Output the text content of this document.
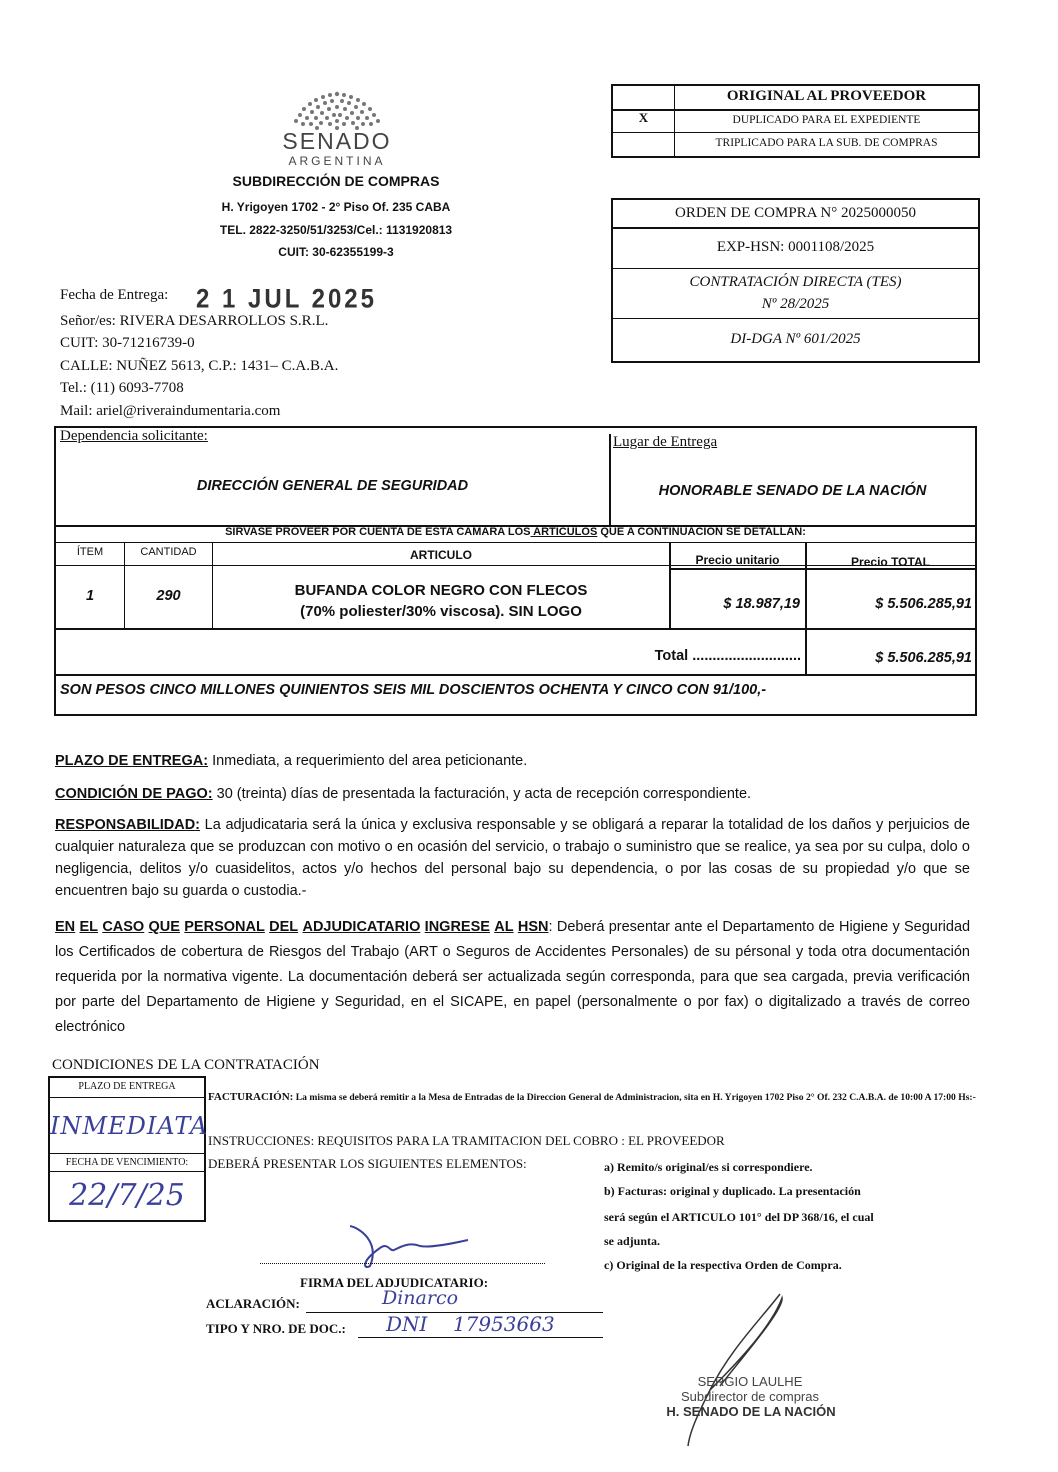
SENADO
ARGENTINA
SUBDIRECCIÓN DE COMPRAS
H. Yrigoyen 1702 - 2° Piso Of. 235 CABA
TEL. 2822-3250/51/3253/Cel.: 1131920813
CUIT: 30-62355199-3
ORIGINAL AL PROVEEDOR
X	DUPLICADO PARA EL EXPEDIENTE
TRIPLICADO PARA LA SUB. DE COMPRAS
ORDEN DE COMPRA N° 2025000050
EXP-HSN: 0001108/2025
CONTRATACIÓN DIRECTA (TES)
Nº 28/2025
DI-DGA Nº 601/2025
Fecha de Entrega: 2 1 JUL 2025
Señor/es: RIVERA DESARROLLOS S.R.L.
CUIT: 30-71216739-0
CALLE: NUÑEZ 5613, C.P.: 1431– C.A.B.A.
Tel.: (11) 6093-7708
Mail: ariel@riveraindumentaria.com
Dependencia solicitante:
DIRECCIÓN GENERAL DE SEGURIDAD
Lugar de Entrega
HONORABLE SENADO DE LA NACIÓN
SIRVASE PROVEER POR CUENTA DE ESTA CAMARA LOS ARTICULOS QUE A CONTINUACION SE DETALLAN:
ÍTEM	CANTIDAD	ARTICULO	Precio unitario	Precio TOTAL
1	290	BUFANDA COLOR NEGRO CON FLECOS
(70% poliester/30% viscosa). SIN LOGO	$ 18.987,19	$ 5.506.285,91
Total ...........................	$ 5.506.285,91
SON PESOS CINCO MILLONES QUINIENTOS SEIS MIL DOSCIENTOS OCHENTA Y CINCO CON 91/100,-
PLAZO DE ENTREGA: Inmediata, a requerimiento del area peticionante.
CONDICIÓN DE PAGO: 30 (treinta) días de presentada la facturación, y acta de recepción correspondiente.
RESPONSABILIDAD: La adjudicataria será la única y exclusiva responsable y se obligará a reparar la totalidad de los daños y perjuicios de cualquier naturaleza que se produzcan con motivo o en ocasión del servicio, o trabajo o suministro que se realice, ya sea por su culpa, dolo o negligencia, delitos y/o cuasidelitos, actos y/o hechos del personal bajo su dependencia, o por las cosas de su propiedad y/o que se encuentren bajo su guarda o custodia.-
EN EL CASO QUE PERSONAL DEL ADJUDICATARIO INGRESE AL HSN: Deberá presentar ante el Departamento de Higiene y Seguridad los Certificados de cobertura de Riesgos del Trabajo (ART o Seguros de Accidentes Personales) de su pérsonal y toda otra documentación requerida por la normativa vigente. La documentación deberá ser actualizada según corresponda, para que sea cargada, previa verificación por parte del Departamento de Higiene y Seguridad, en el SICAPE, en papel (personalmente o por fax) o digitalizado a través de correo electrónico
CONDICIONES DE LA CONTRATACIÓN
PLAZO DE ENTREGA
INMEDIATA
FECHA DE VENCIMIENTO:
22/7/25
FACTURACIÓN: La misma se deberá remitir a la Mesa de Entradas de la Direccion General de Administracion, sita en H. Yrigoyen 1702 Piso 2° Of. 232 C.A.B.A. de 10:00 A 17:00 Hs:-
INSTRUCCIONES: REQUISITOS PARA LA TRAMITACION DEL COBRO : EL PROVEEDOR
DEBERÁ PRESENTAR LOS SIGUIENTES ELEMENTOS:	a) Remito/s original/es si correspondiere.
b) Facturas: original y duplicado. La presentación
será según el ARTICULO 101° del DP 368/16, el cual
se adjunta.
c) Original de la respectiva Orden de Compra.
FIRMA DEL ADJUDICATARIO:
ACLARACIÓN:	Dinarco
TIPO Y NRO. DE DOC.: DNI    17953663
SERGIO LAULHE
Subdirector de compras
H. SENADO DE LA NACIÓN
